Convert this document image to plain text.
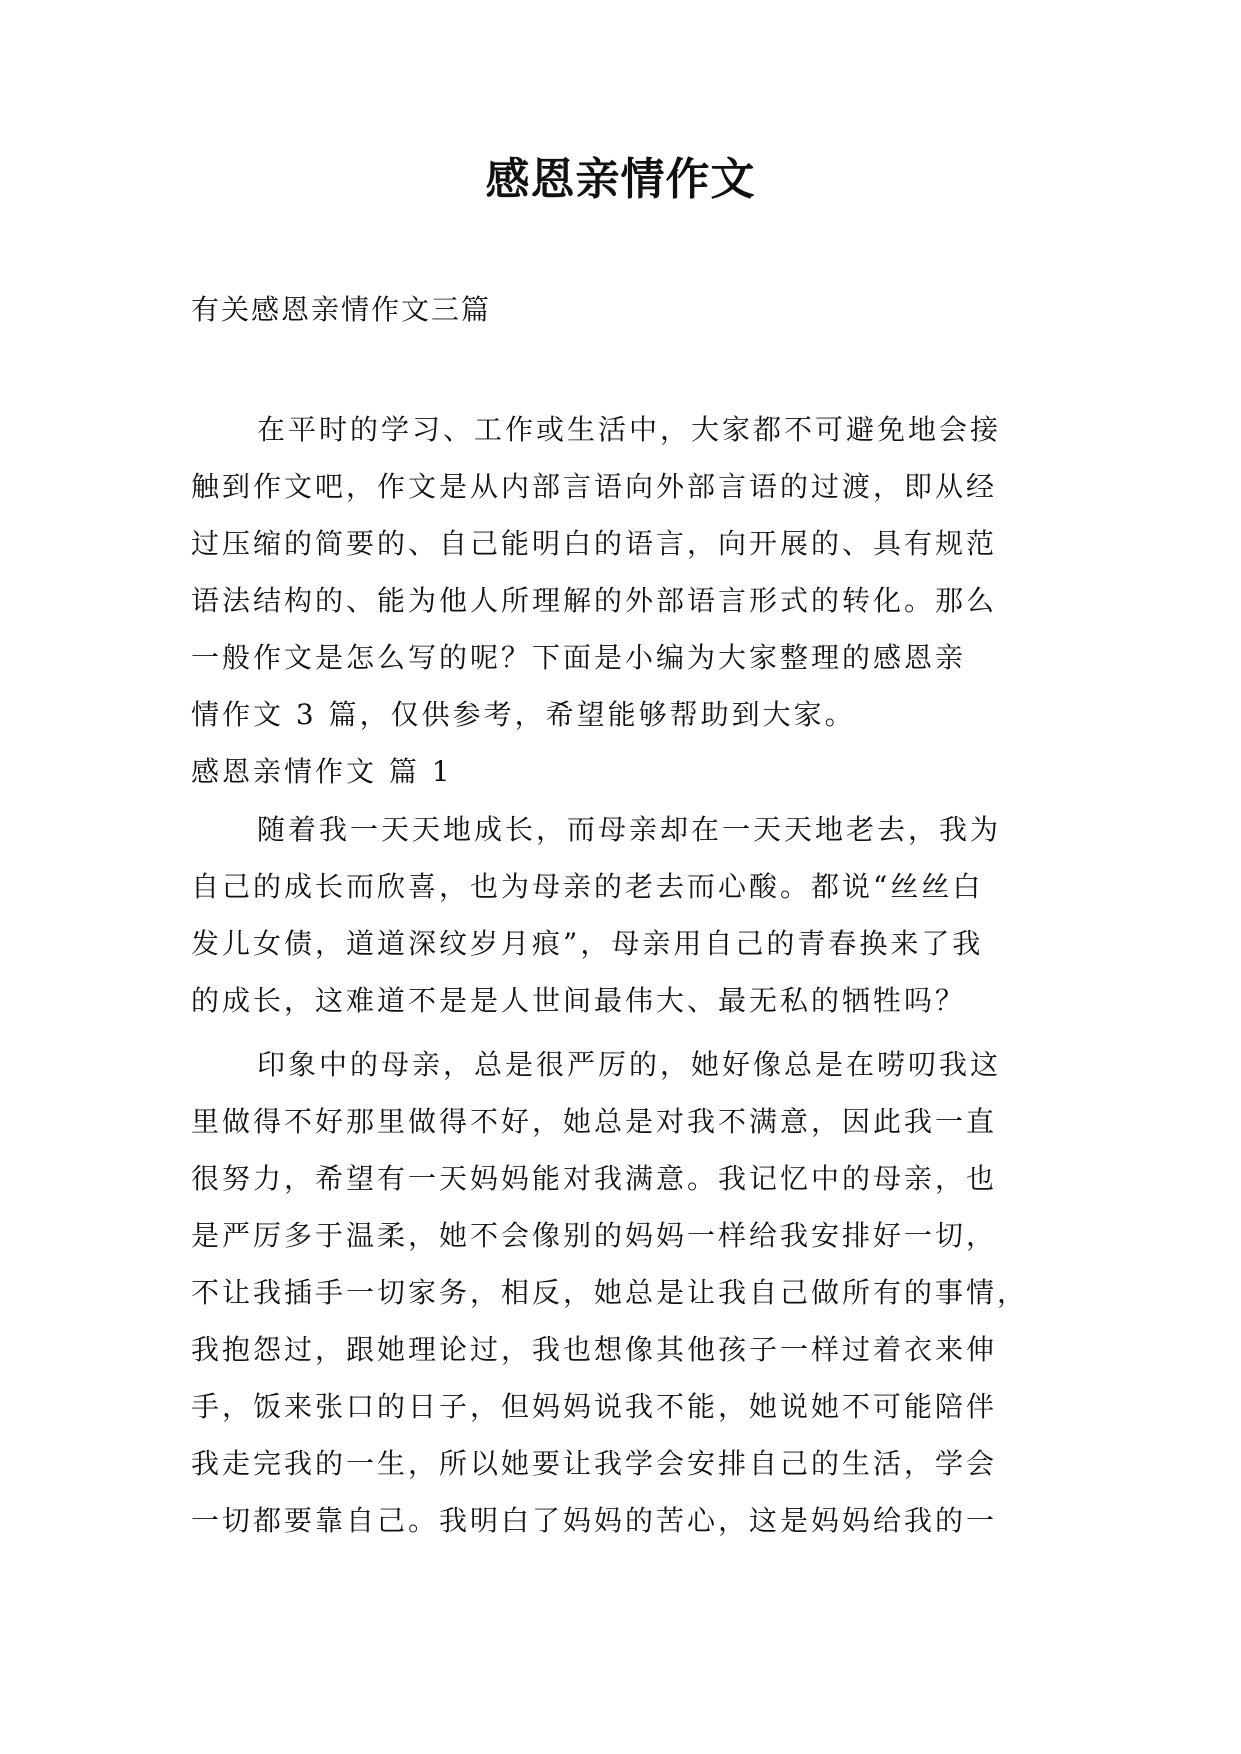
感恩亲情作文
有关感恩亲情作文三篇
在平时的学习、工作或生活中，大家都不可避免地会接
触到作文吧，作文是从内部言语向外部言语的过渡，即从经
过压缩的简要的、自己能明白的语言，向开展的、具有规范
语法结构的、能为他人所理解的外部语言形式的转化。那么
一般作文是怎么写的呢？下面是小编为大家整理的感恩亲
情作文 3 篇，仅供参考，希望能够帮助到大家。
感恩亲情作文 篇 1
随着我一天天地成长，而母亲却在一天天地老去，我为
自己的成长而欣喜，也为母亲的老去而心酸。都说“丝丝白
发儿女债，道道深纹岁月痕”，母亲用自己的青春换来了我
的成长，这难道不是是人世间最伟大、最无私的牺牲吗？
印象中的母亲，总是很严厉的，她好像总是在唠叨我这
里做得不好那里做得不好，她总是对我不满意，因此我一直
很努力，希望有一天妈妈能对我满意。我记忆中的母亲，也
是严厉多于温柔，她不会像别的妈妈一样给我安排好一切，
不让我插手一切家务，相反，她总是让我自己做所有的事情，
我抱怨过，跟她理论过，我也想像其他孩子一样过着衣来伸
手，饭来张口的日子，但妈妈说我不能，她说她不可能陪伴
我走完我的一生，所以她要让我学会安排自己的生活，学会
一切都要靠自己。我明白了妈妈的苦心，这是妈妈给我的一
